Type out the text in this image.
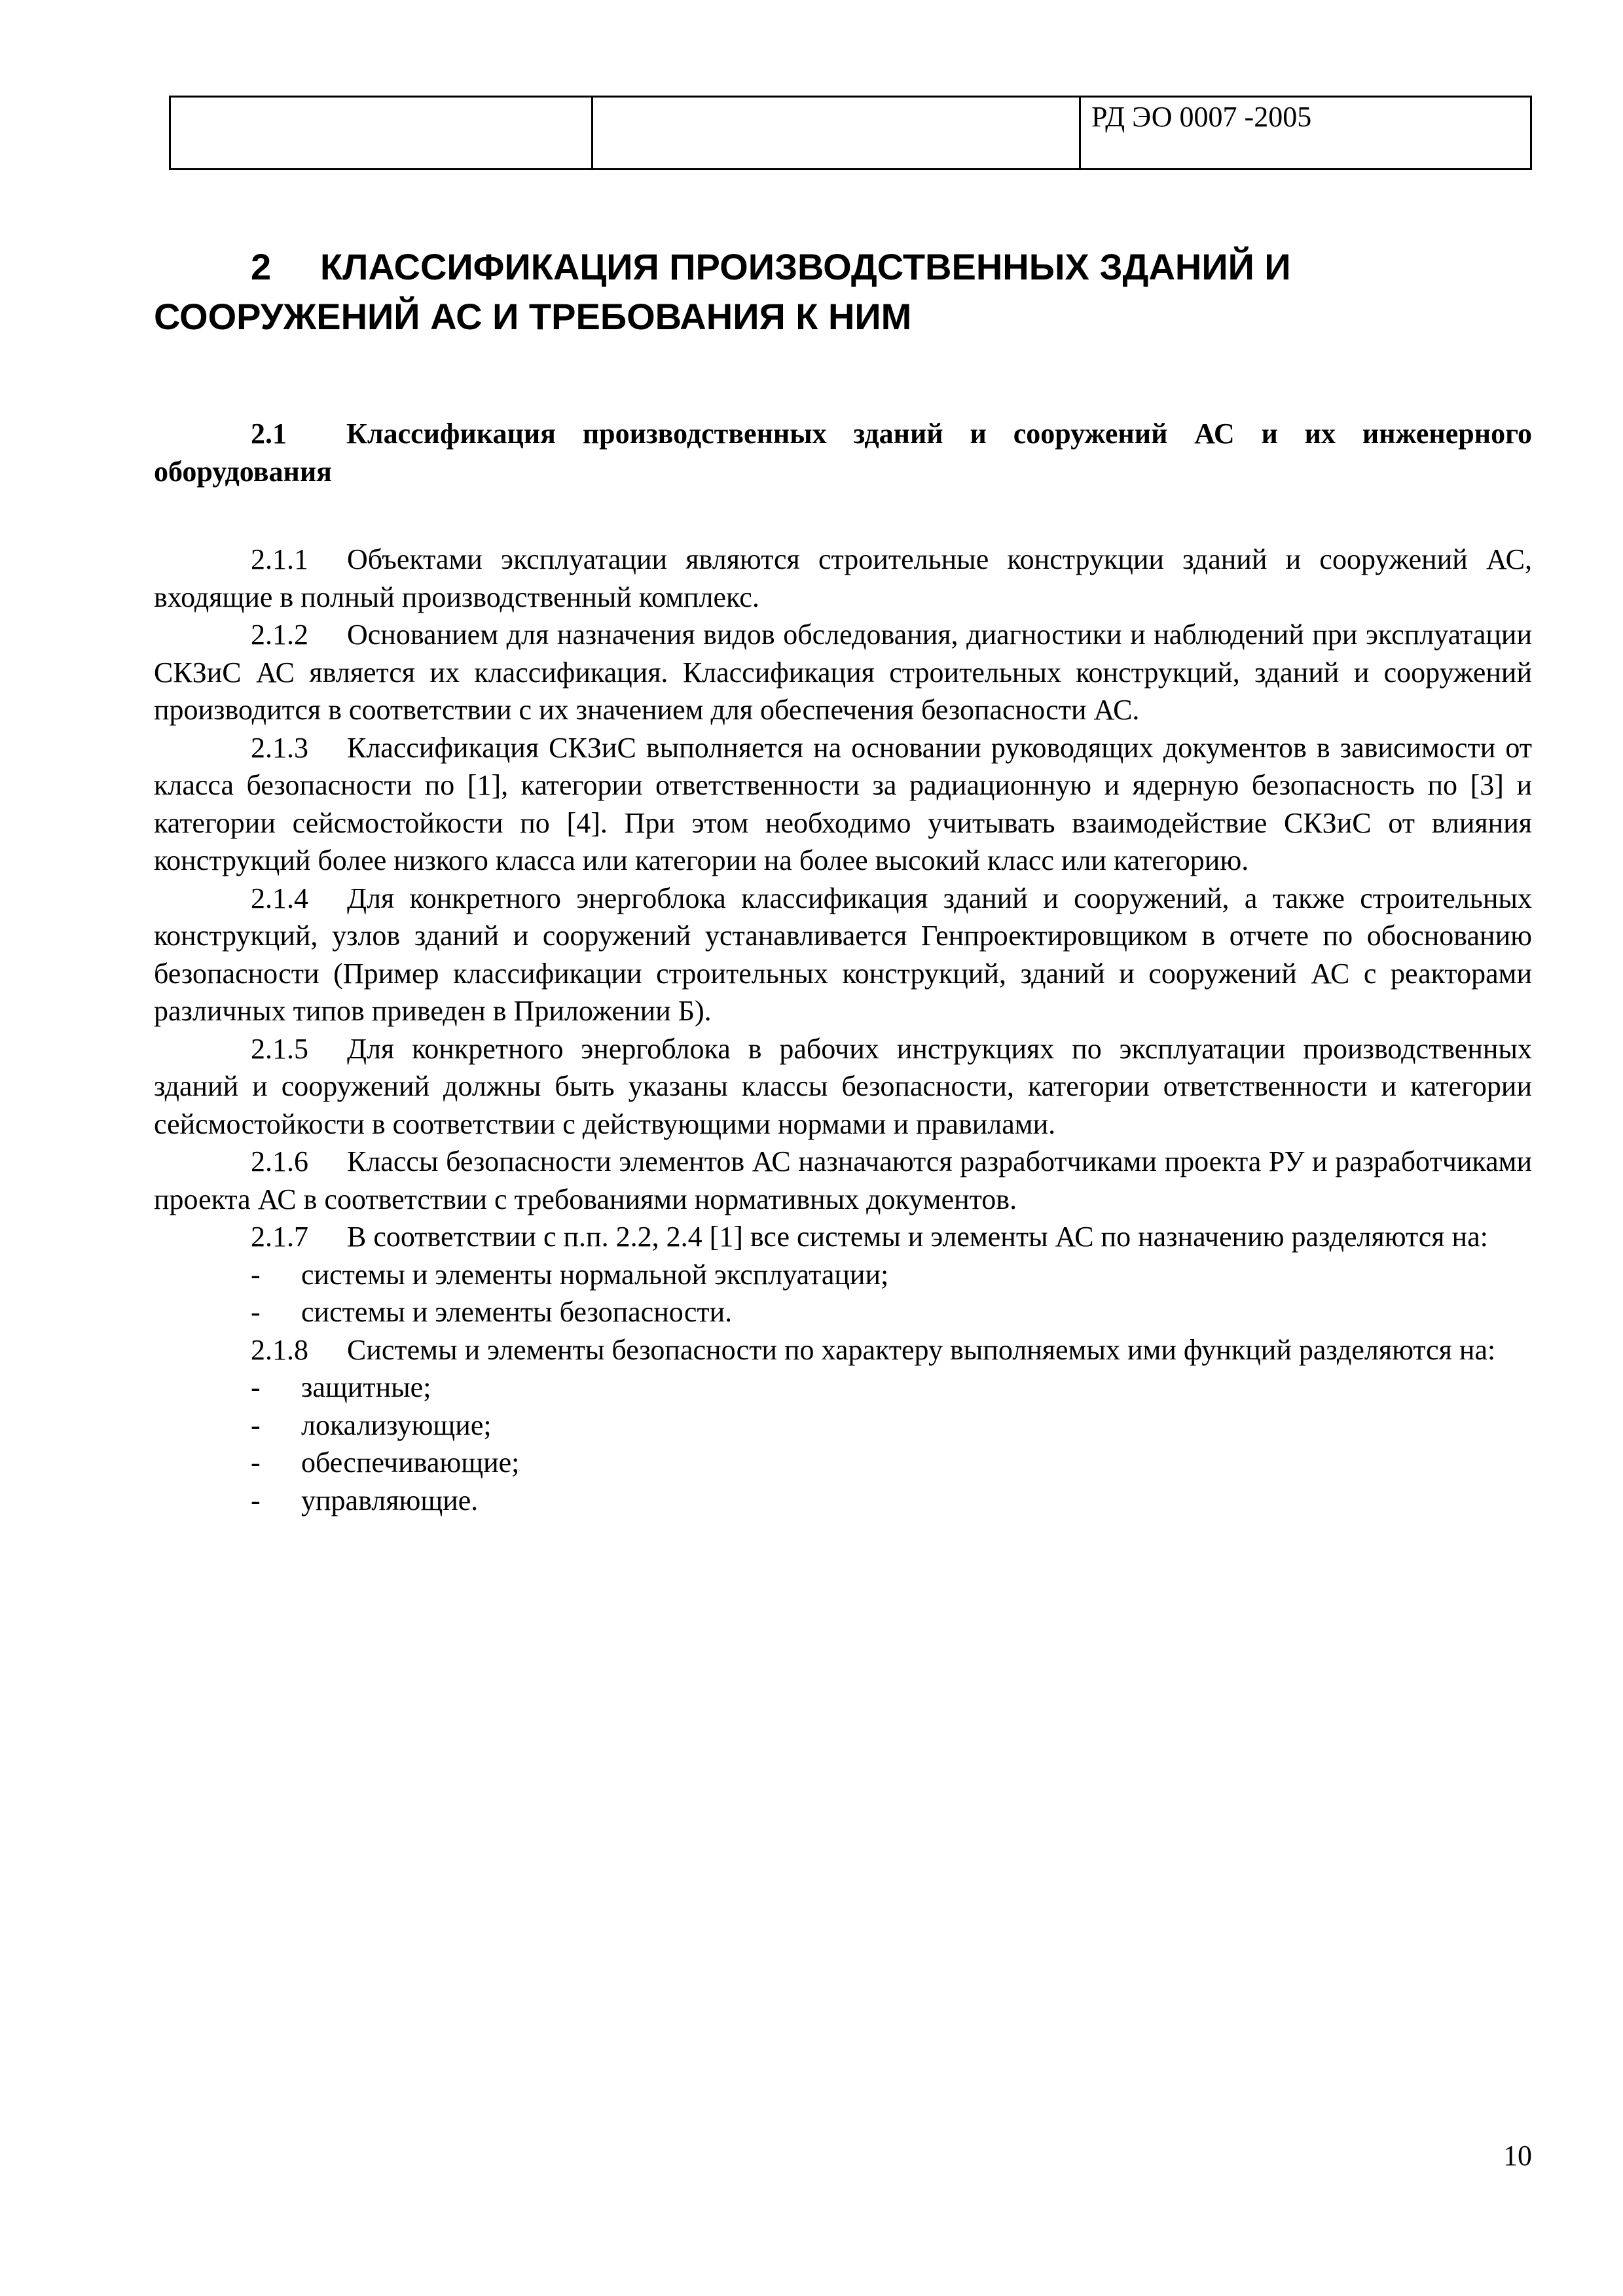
РД ЭО 0007 -2005
2 КЛАССИФИКАЦИЯ ПРОИЗВОДСТВЕННЫХ ЗДАНИЙ И
СООРУЖЕНИЙ АС И ТРЕБОВАНИЯ К НИМ
2.1 Классификация производственных зданий и сооружений АС и их инженерного оборудования

2.1.1 Объектами эксплуатации являются строительные конструкции зданий и сооружений АС, входящие в полный производственный комплекс.

2.1.2 Основанием для назначения видов обследования, диагностики и наблюдений при эксплуатации СКЗиС АС является их классификация. Классификация строительных конструкций, зданий и сооружений производится в соответствии с их значением для обеспечения безопасности АС.

2.1.3 Классификация СКЗиС выполняется на основании руководящих документов в зависимости от класса безопасности по [1], категории ответственности за радиационную и ядерную безопасность по [3] и категории сейсмостойкости по [4]. При этом необходимо учитывать взаимодействие СКЗиС от влияния конструкций более низкого класса или категории на более высокий класс или категорию.

2.1.4 Для конкретного энергоблока классификация зданий и сооружений, а также строительных конструкций, узлов зданий и сооружений устанавливается Генпроектировщиком в отчете по обоснованию безопасности (Пример классификации строительных конструкций, зданий и сооружений АС с реакторами различных типов приведен в Приложении Б).

2.1.5 Для конкретного энергоблока в рабочих инструкциях по эксплуатации производственных зданий и сооружений должны быть указаны классы безопасности, категории ответственности и категории сейсмостойкости в соответствии с действующими нормами и правилами.

2.1.6 Классы безопасности элементов АС назначаются разработчиками проекта РУ и разработчиками проекта АС в соответствии с требованиями нормативных документов.

2.1.7 В соответствии с п.п. 2.2, 2.4 [1] все системы и элементы АС по назначению разделяются на:

- системы и элементы нормальной эксплуатации;

- системы и элементы безопасности.

2.1.8 Системы и элементы безопасности по характеру выполняемых ими функций разделяются на:

- защитные;

- локализующие;

- обеспечивающие;

- управляющие.

10
